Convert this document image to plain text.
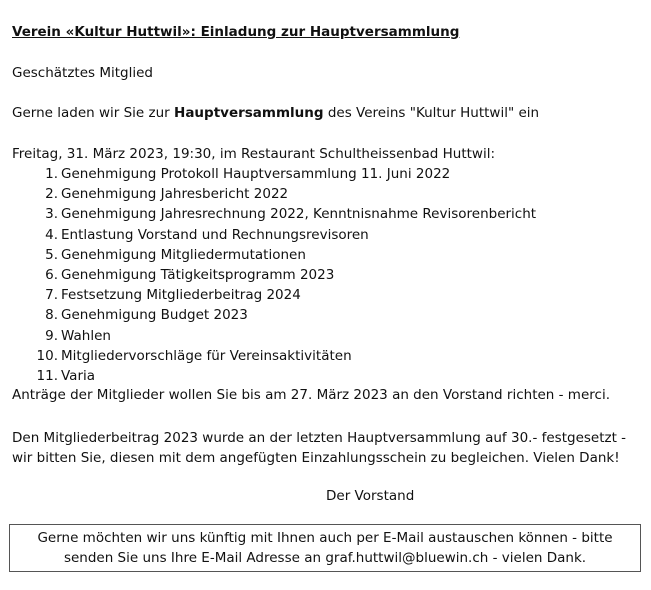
Verein «Kultur Huttwil»: Einladung zur Hauptversammlung
Geschätztes Mitglied
Gerne laden wir Sie zur Hauptversammlung des Vereins "Kultur Huttwil" ein
Freitag, 31. März 2023, 19:30, im Restaurant Schultheissenbad Huttwil:
1. Genehmigung Protokoll Hauptversammlung 11. Juni 2022
2. Genehmigung Jahresbericht 2022
3. Genehmigung Jahresrechnung 2022, Kenntnisnahme Revisorenbericht
4. Entlastung Vorstand und Rechnungsrevisoren
5. Genehmigung Mitgliedermutationen
6. Genehmigung Tätigkeitsprogramm 2023
7. Festsetzung Mitgliederbeitrag 2024
8. Genehmigung Budget 2023
9. Wahlen
10. Mitgliedervorschläge für Vereinsaktivitäten
11. Varia
Anträge der Mitglieder wollen Sie bis am 27. März 2023 an den Vorstand richten - merci.
Den Mitgliederbeitrag 2023 wurde an der letzten Hauptversammlung auf 30.- festgesetzt - wir bitten Sie, diesen mit dem angefügten Einzahlungsschein zu begleichen. Vielen Dank!
Der Vorstand
Gerne möchten wir uns künftig mit Ihnen auch per E-Mail austauschen können - bitte
senden Sie uns Ihre E-Mail Adresse an graf.huttwil@bluewin.ch - vielen Dank.
